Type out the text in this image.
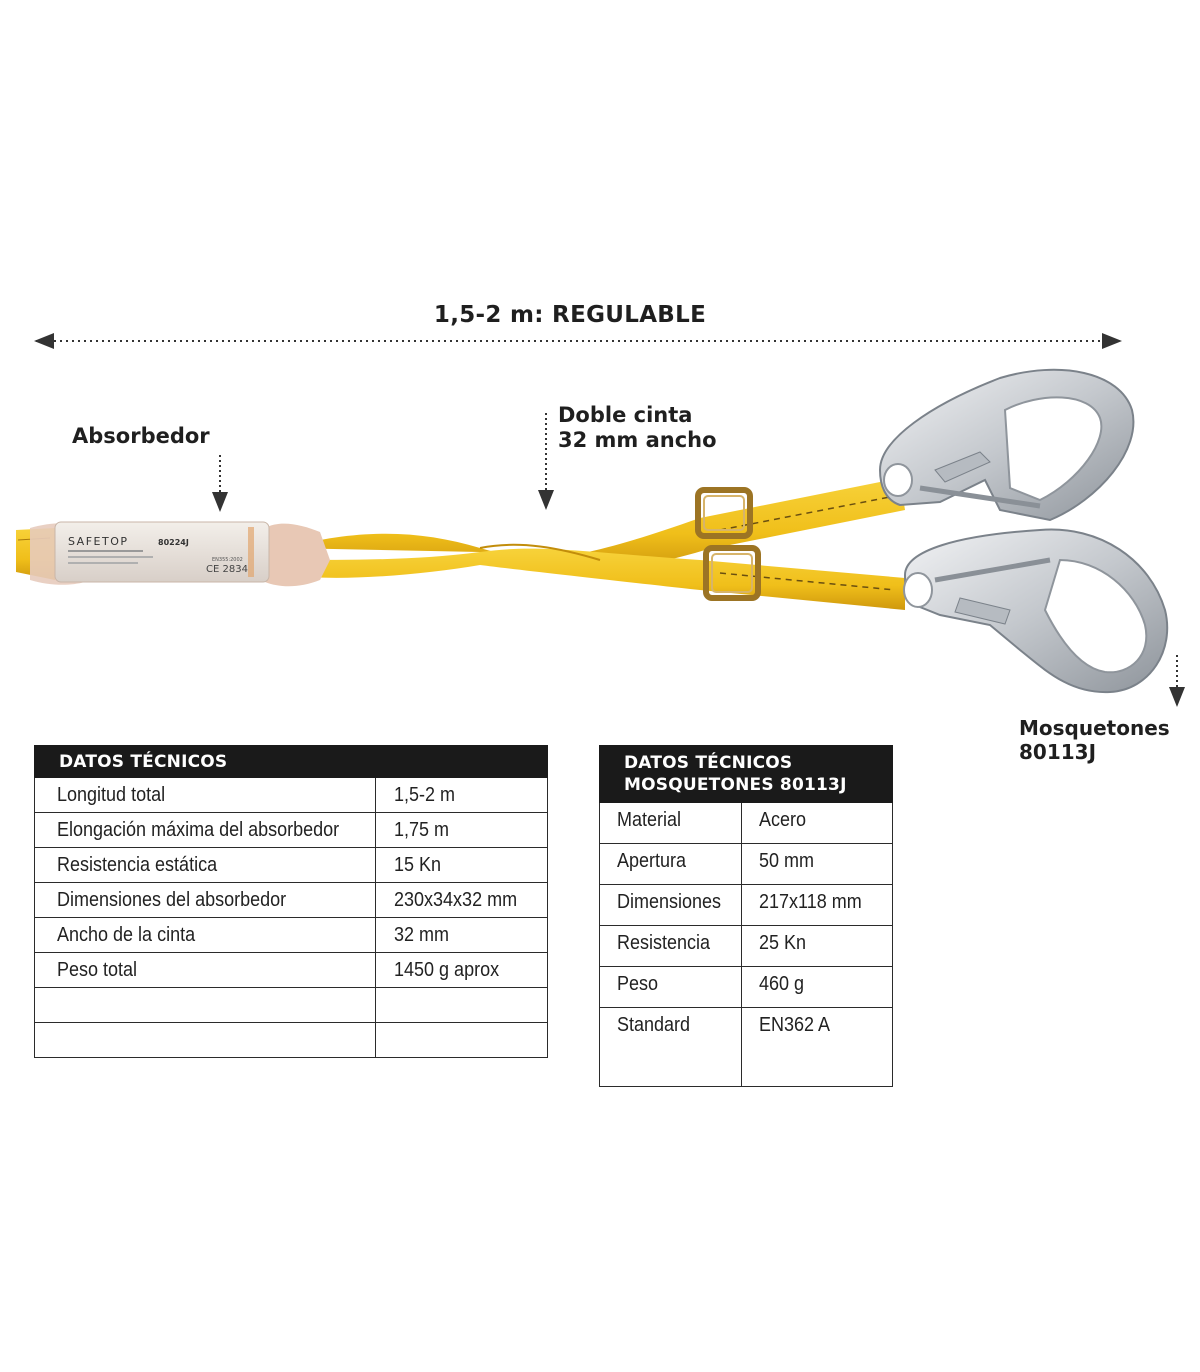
SAFETOP	80224J
EN355:2002
CE 2834
1,5-2 m: REGULABLE
Absorbedor
Doble cinta
32 mm ancho
Mosquetones
80113J
DATOS TÉCNICOS	
Longitud total	1,5-2 m
Elongación máxima del absorbedor	1,75 m
Resistencia estática	15 Kn
Dimensiones del absorbedor	230x34x32 mm
Ancho de la cinta	32 mm
Peso total	1450 g aprox

DATOS TÉCNICOS
MOSQUETONES 80113J	

Material	Acero
Apertura	50 mm
Dimensiones	217x118 mm
Resistencia	25 Kn
Peso	460 g
Standard	EN362 A
